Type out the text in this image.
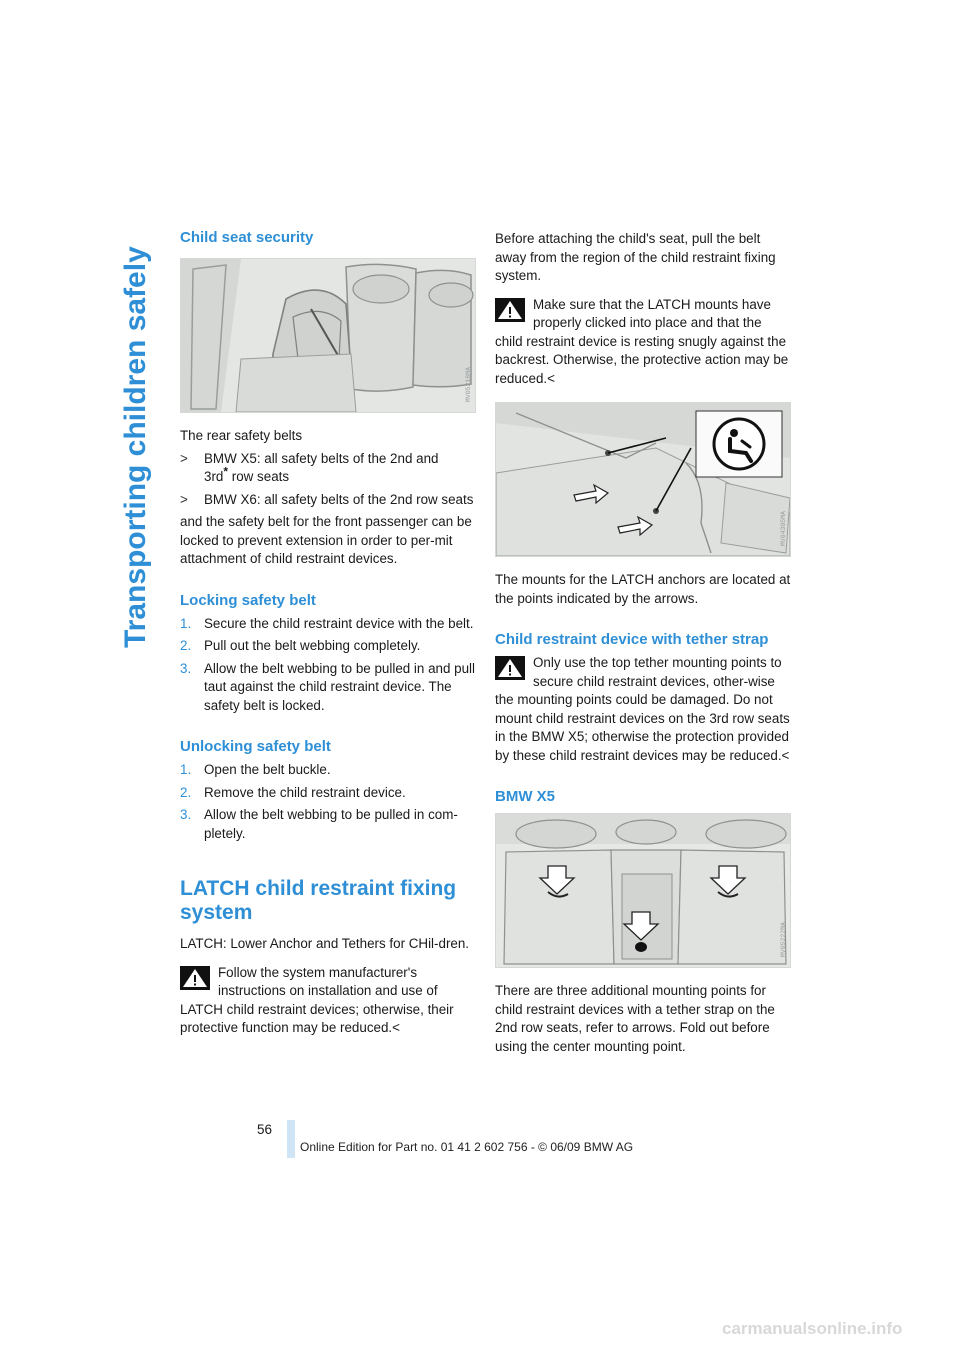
Transporting children safely
Child seat security
MV05218MA

The rear safety belts

> BMW X5: all safety belts of the 2nd and
3rd* row seats
> BMW X6: all safety belts of the 2nd row seats

and the safety belt for the front passenger can be locked to prevent extension in order to per-mit attachment of child restraint devices.

Locking safety belt
1. Secure the child restraint device with the belt.
2. Pull out the belt webbing completely.
3. Allow the belt webbing to be pulled in and pull taut against the child restraint device. The safety belt is locked.
Unlocking safety belt
1. Open the belt buckle.
2. Remove the child restraint device.
3. Allow the belt webbing to be pulled in com-pletely.
LATCH child restraint fixing system

LATCH: Lower Anchor and Tethers for CHil-dren.

Follow the system manufacturer's instructions on installation and use of LATCH child restraint devices; otherwise, their protective function may be reduced.<

Before attaching the child's seat, pull the belt away from the region of the child restraint fixing system.

Make sure that the LATCH mounts have properly clicked into place and that the child restraint device is resting snugly against the backrest. Otherwise, the protective action may be reduced.<

MV04305MA

The mounts for the LATCH anchors are located at the points indicated by the arrows.

Child restraint device with tether strap

Only use the top tether mounting points to secure child restraint devices, other-wise the mounting points could be damaged. Do not mount child restraint devices on the 3rd row seats in the BMW X5; otherwise the protection provided by these child restraint devices may be reduced.<

BMW X5
MV05222MA

There are three additional mounting points for child restraint devices with a tether strap on the 2nd row seats, refer to arrows. Fold out before using the center mounting point.

56
Online Edition for Part no. 01 41 2 602 756 - © 06/09 BMW AG
carmanualsonline.info
